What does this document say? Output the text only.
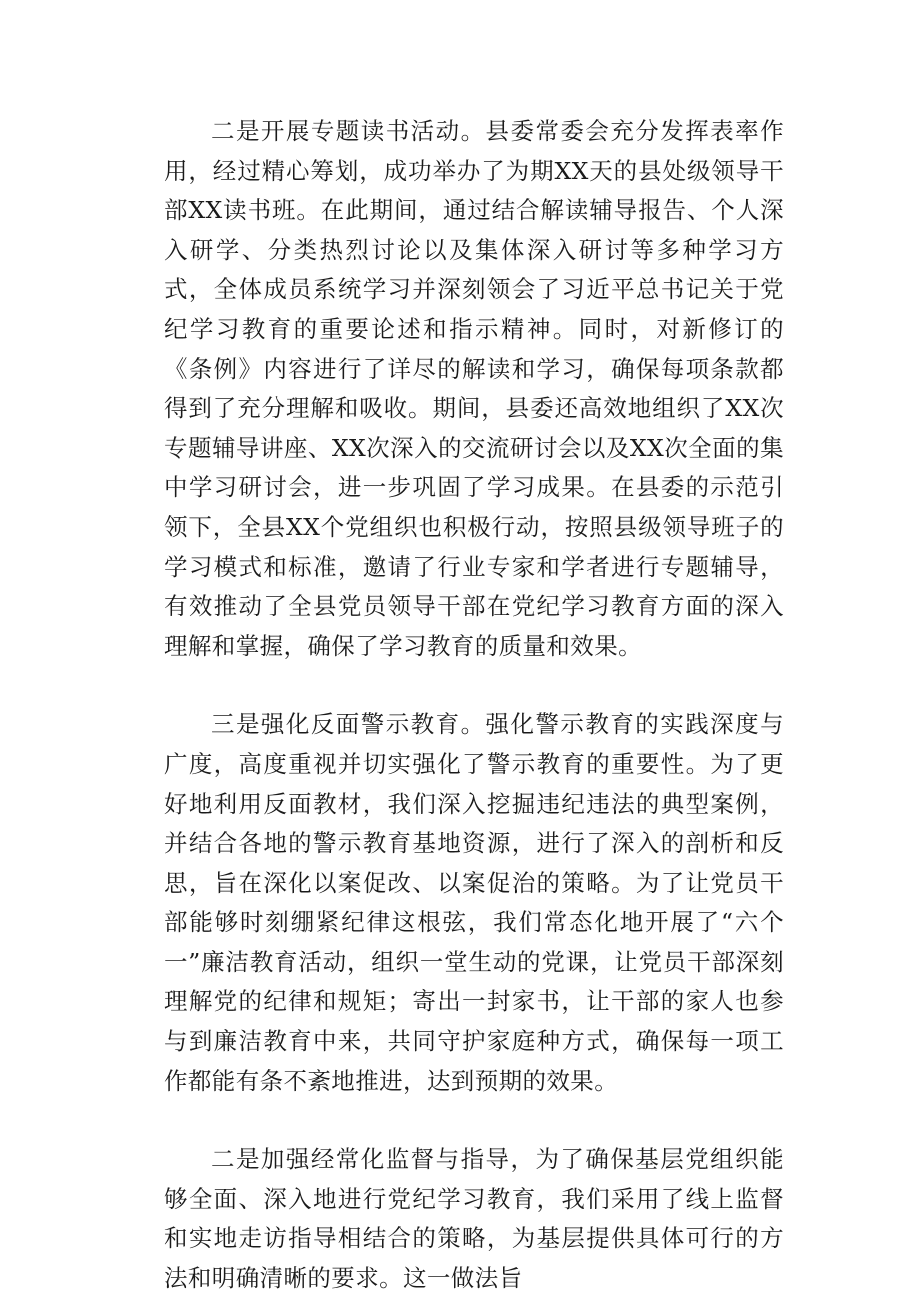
二是开展专题读书活动。县委常委会充分发挥表率作用，经过精心筹划，成功举办了为期XX天的县处级领导干部XX读书班。在此期间，通过结合解读辅导报告、个人深入研学、分类热烈讨论以及集体深入研讨等多种学习方式，全体成员系统学习并深刻领会了习近平总书记关于党纪学习教育的重要论述和指示精神。同时，对新修订的《条例》内容进行了详尽的解读和学习，确保每项条款都得到了充分理解和吸收。期间，县委还高效地组织了XX次专题辅导讲座、XX次深入的交流研讨会以及XX次全面的集中学习研讨会，进一步巩固了学习成果。在县委的示范引领下，全县XX个党组织也积极行动，按照县级领导班子的学习模式和标准，邀请了行业专家和学者进行专题辅导，有效推动了全县党员领导干部在党纪学习教育方面的深入理解和掌握，确保了学习教育的质量和效果。

三是强化反面警示教育。强化警示教育的实践深度与广度，高度重视并切实强化了警示教育的重要性。为了更好地利用反面教材，我们深入挖掘违纪违法的典型案例，并结合各地的警示教育基地资源，进行了深入的剖析和反思，旨在深化以案促改、以案促治的策略。为了让党员干部能够时刻绷紧纪律这根弦，我们常态化地开展了“六个一”廉洁教育活动，组织一堂生动的党课，让党员干部深刻理解党的纪律和规矩；寄出一封家书，让干部的家人也参与到廉洁教育中来，共同守护家庭种方式，确保每一项工作都能有条不紊地推进，达到预期的效果。

二是加强经常化监督与指导，为了确保基层党组织能够全面、深入地进行党纪学习教育，我们采用了线上监督和实地走访指导相结合的策略，为基层提供具体可行的方法和明确清晰的要求。这一做法旨
